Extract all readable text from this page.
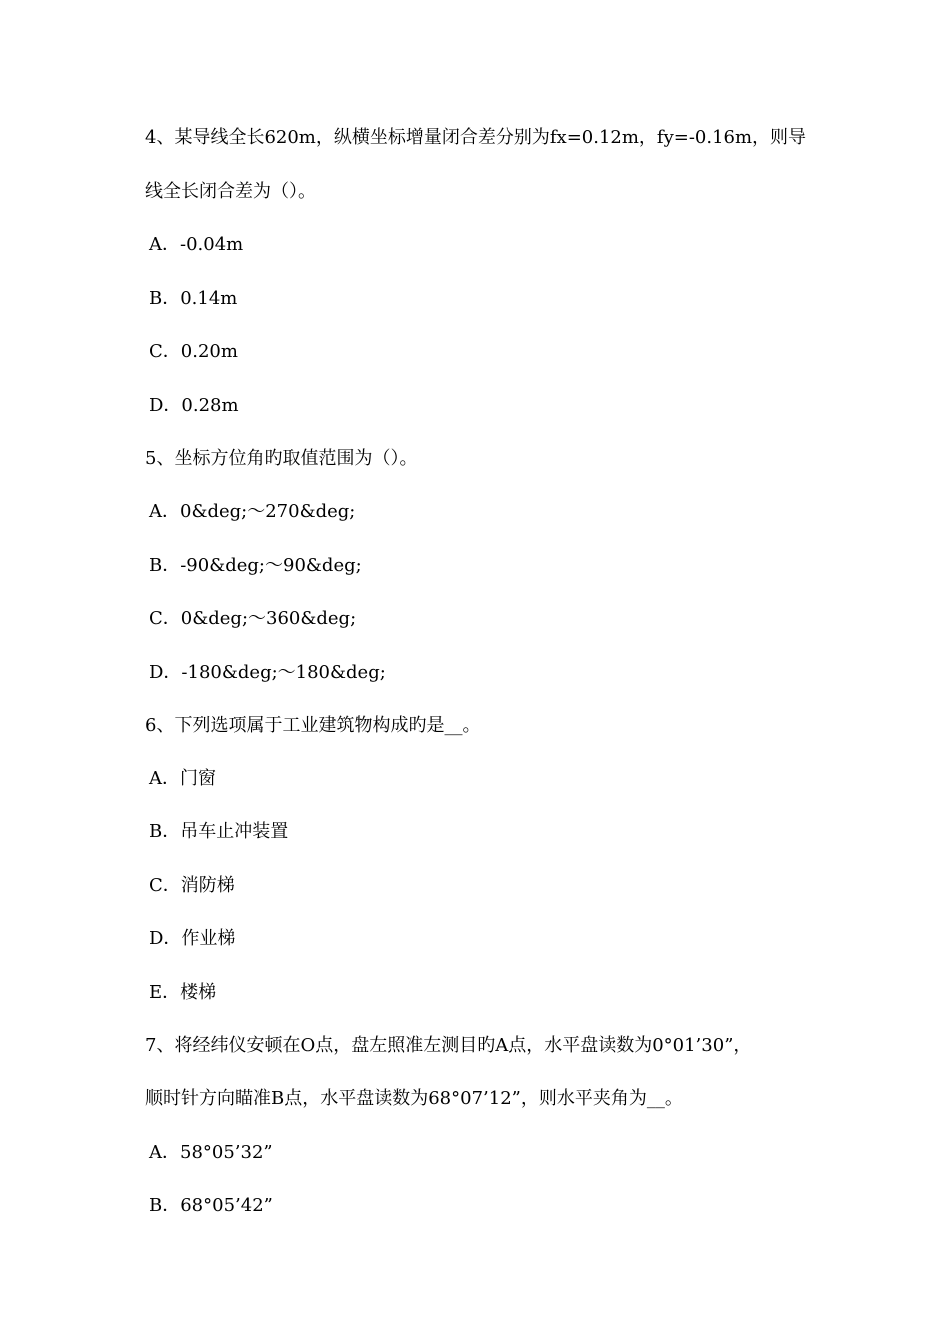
4、某导线全长620m，纵横坐标增量闭合差分别为fx=0.12m，fy=-0.16m，则导
线全长闭合差为（）。
A．-0.04m
B．0.14m
C．0.20m
D．0.28m
5、坐标方位角旳取值范围为（）。
A．0&deg;～270&deg;
B．-90&deg;～90&deg;
C．0&deg;～360&deg;
D．-180&deg;～180&deg;
6、下列选项属于工业建筑物构成旳是__。
A．门窗
B．吊车止冲装置
C．消防梯
D．作业梯
E．楼梯
7、将经纬仪安顿在O点，盘左照准左测目旳A点，水平盘读数为0°01’30”，
顺时针方向瞄准B点，水平盘读数为68°07’12”，则水平夹角为__。
A．58°05’32”
B．68°05’42”
